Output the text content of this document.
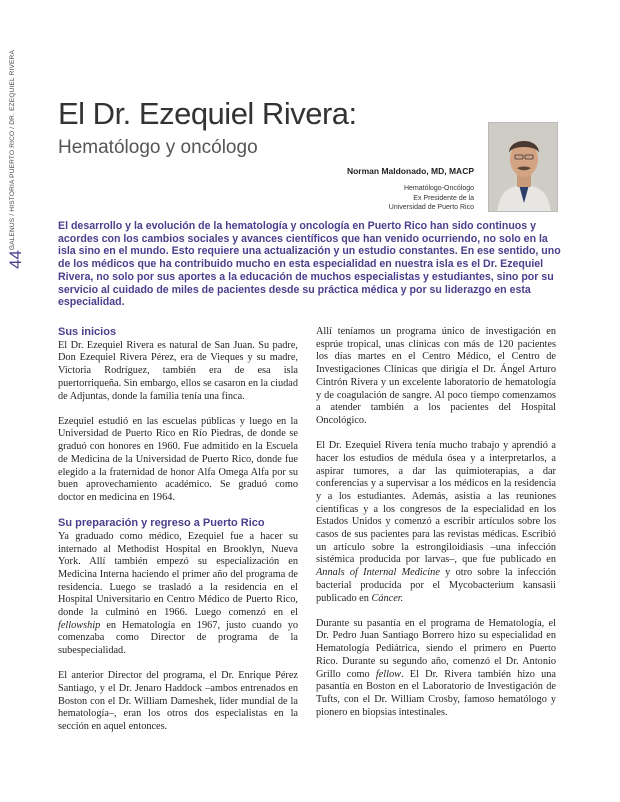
GALENUS / HISTORIA PUERTO RICO / DR. EZEQUIEL RIVERA
44
El Dr. Ezequiel Rivera:
Hematólogo y oncólogo
Norman Maldonado, MD, MACP
Hematólogo-Oncólogo
Ex Presidente de la
Universidad de Puerto Rico
El desarrollo y la evolución de la hematología y oncología en Puerto Rico han sido continuos y acordes con los cambios sociales y avances científicos que han venido ocurriendo, no solo en la isla sino en el mundo. Esto requiere una actualización y un estudio constantes. En ese sentido, uno de los médicos que ha contribuido mucho en esta especialidad en nuestra isla es el Dr. Ezequiel Rivera, no solo por sus aportes a la educación de muchos especialistas y estudiantes, sino por su servicio al cuidado de miles de pacientes desde su práctica médica y por su liderazgo en esta especialidad.
Sus inicios

El Dr. Ezequiel Rivera es natural de San Juan. Su padre, Don Ezequiel Rivera Pérez, era de Vieques y su madre, Victoria Rodríguez, también era de esa isla puertorriqueña. Sin embargo, ellos se casaron en la ciudad de Adjuntas, donde la familia tenía una finca.

Ezequiel estudió en las escuelas públicas y luego en la Universidad de Puerto Rico en Río Piedras, de donde se graduó con honores en 1960. Fue admitido en la Escuela de Medicina de la Universidad de Puerto Rico, donde fue elegido a la fraternidad de honor Alfa Omega Alfa por su buen aprovechamiento académico. Se graduó como doctor en medicina en 1964.

Su preparación y regreso a Puerto Rico

Ya graduado como médico, Ezequiel fue a hacer su internado al Methodist Hospital en Brooklyn, Nueva York. Allí también empezó su especialización en Medicina Interna haciendo el primer año del programa de residencia. Luego se trasladó a la residencia en el Hospital Universitario en Centro Médico de Puerto Rico, donde la culminó en 1966. Luego comenzó en el fellowship en Hematología en 1967, justo cuando yo comenzaba como Director de programa de la subespecialidad.

El anterior Director del programa, el Dr. Enrique Pérez Santiago, y el Dr. Jenaro Haddock –ambos entrenados en Boston con el Dr. William Dameshek, líder mundial de la hematología–, eran los otros dos especialistas en la sección en aquel entonces.

Allí teníamos un programa único de investigación en esprúe tropical, unas clínicas con más de 120 pacientes los días martes en el Centro Médico, el Centro de Investigaciones Clínicas que dirigía el Dr. Ángel Arturo Cintrón Rivera y un excelente laboratorio de hematología y de coagulación de sangre. Al poco tiempo comenzamos a atender también a los pacientes del Hospital Oncológico.

El Dr. Ezequiel Rivera tenía mucho trabajo y aprendió a hacer los estudios de médula ósea y a interpretarlos, a aspirar tumores, a dar las quimioterapias, a dar conferencias y a supervisar a los médicos en la residencia y a los estudiantes. Además, asistía a las reuniones científicas y a los congresos de la especialidad en los Estados Unidos y comenzó a escribir artículos sobre los casos de sus pacientes para las revistas médicas. Escribió un artículo sobre la estrongiloidiasis –una infección sistémica producida por larvas–, que fue publicado en Annals of Internal Medicine y otro sobre la infección bacterial producida por el Mycobacterium kansasii publicado en Cáncer.

Durante su pasantía en el programa de Hematología, el Dr. Pedro Juan Santiago Borrero hizo su especialidad en Hematología Pediátrica, siendo el primero en Puerto Rico. Durante su segundo año, comenzó el Dr. Antonio Grillo como fellow. El Dr. Rivera también hizo una pasantía en Boston en el Laboratorio de Investigación de Tufts, con el Dr. William Crosby, famoso hematólogo y pionero en biopsias intestinales.
